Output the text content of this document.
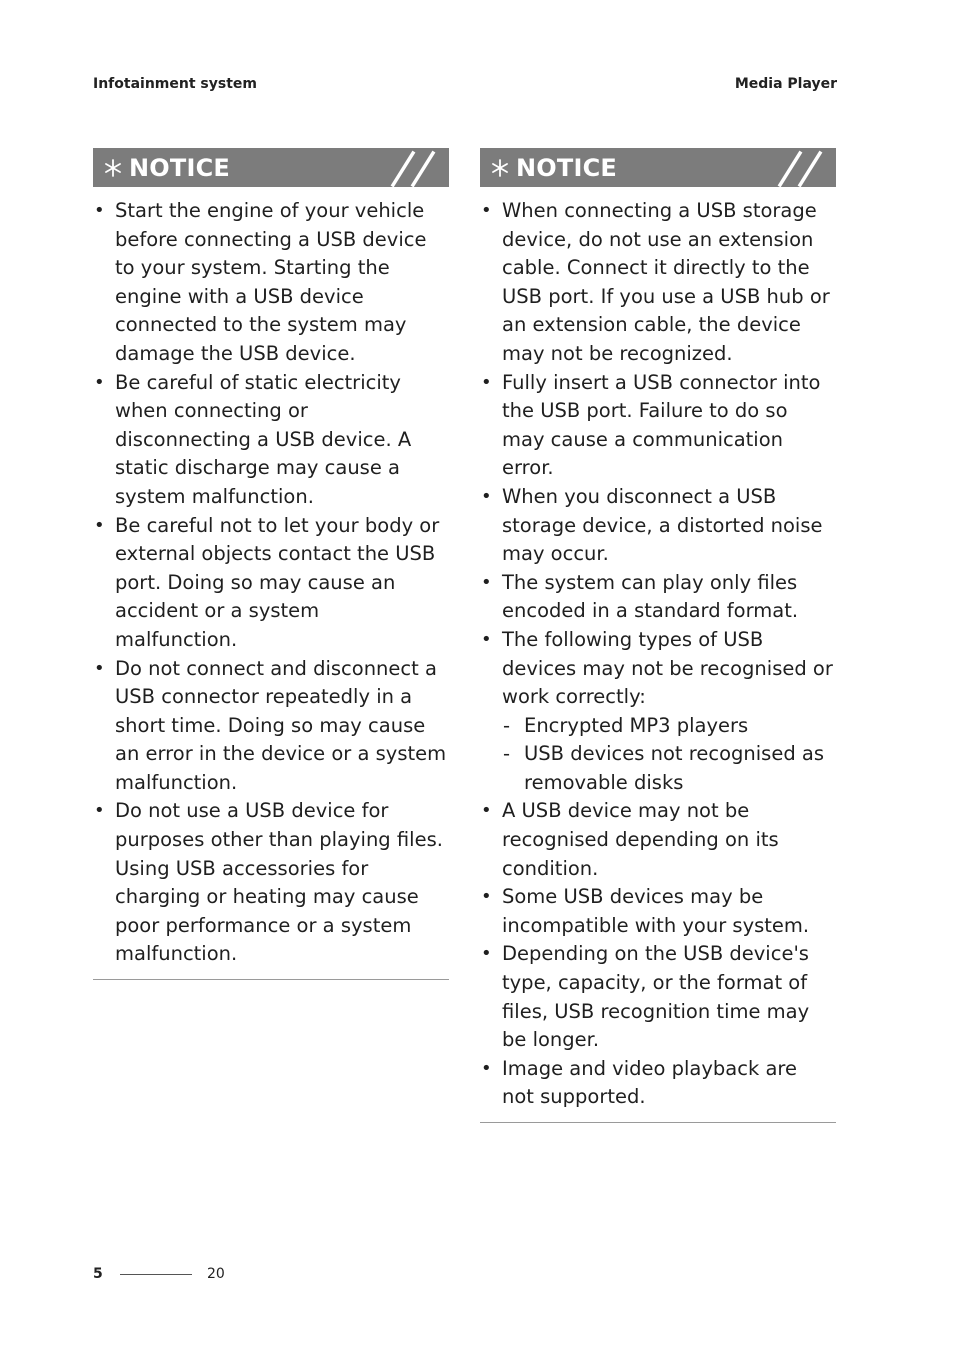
Infotainment system	Media Player
NOTICE
• Start the engine of your vehicle before connecting a USB device to your system. Starting the engine with a USB device connected to the system may damage the USB device.
• Be careful of static electricity when connecting or disconnecting a USB device. A static discharge may cause a system malfunction.
• Be careful not to let your body or external objects contact the USB port. Doing so may cause an accident or a system malfunction.
• Do not connect and disconnect a USB connector repeatedly in a short time. Doing so may cause an error in the device or a system malfunction.
• Do not use a USB device for purposes other than playing files. Using USB accessories for charging or heating may cause poor performance or a system malfunction.
NOTICE
• When connecting a USB storage device, do not use an extension cable. Connect it directly to the USB port. If you use a USB hub or an extension cable, the device may not be recognized.
• Fully insert a USB connector into the USB port. Failure to do so may cause a communication error.
• When you disconnect a USB storage device, a distorted noise may occur.
• The system can play only files encoded in a standard format.
• The following types of USB devices may not be recognised or work correctly:
- Encrypted MP3 players
- USB devices not recognised as removable disks
• A USB device may not be recognised depending on its condition.
• Some USB devices may be incompatible with your system.
• Depending on the USB device's type, capacity, or the format of files, USB recognition time may be longer.
• Image and video playback are not supported.
5	20
